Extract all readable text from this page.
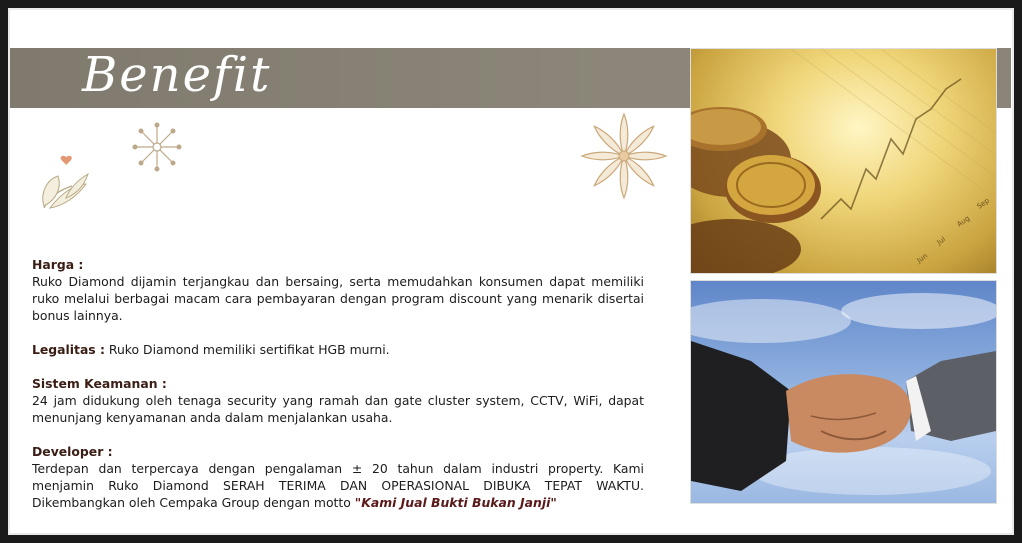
Benefit
Harga :
Ruko Diamond dijamin terjangkau dan bersaing, serta memudahkan konsumen dapat memiliki ruko melalui berbagai macam cara pembayaran dengan program discount yang menarik disertai bonus lainnya.
Legalitas : Ruko Diamond memiliki sertifikat HGB murni.
Sistem Keamanan :
24 jam didukung oleh tenaga security yang ramah dan gate cluster system, CCTV, WiFi, dapat menunjang kenyamanan anda dalam menjalankan usaha.
Developer :
Terdepan dan terpercaya dengan pengalaman ± 20 tahun dalam industri property. Kami menjamin Ruko Diamond SERAH TERIMA DAN OPERASIONAL DIBUKA TEPAT WAKTU. Dikembangkan oleh Cempaka Group dengan motto "Kami Jual Bukti Bukan Janji"
Jun
Jul
Aug
Sep
